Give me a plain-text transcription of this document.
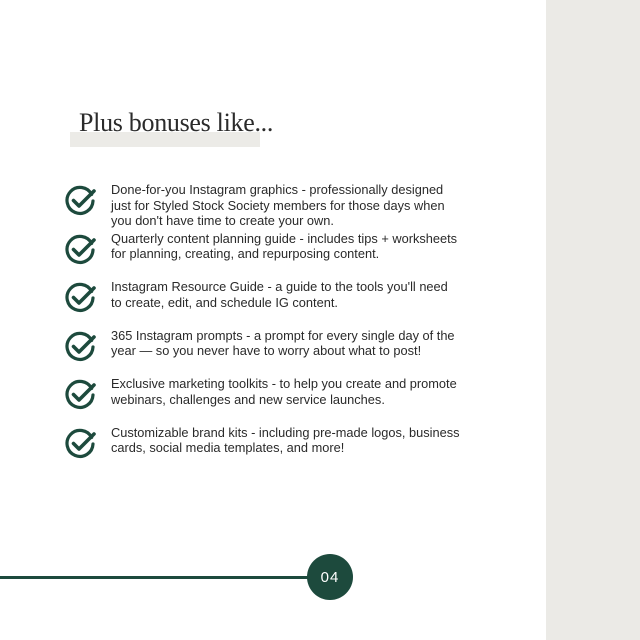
Plus bonuses like...
Done-for-you Instagram graphics - professionally designed
just for Styled Stock Society members for those days when
you don't have time to create your own.
Quarterly content planning guide - includes tips + worksheets
for planning, creating, and repurposing content.
Instagram Resource Guide - a guide to the tools you'll need
to create, edit, and schedule IG content.
365 Instagram prompts - a prompt for every single day of the
year — so you never have to worry about what to post!
Exclusive marketing toolkits - to help you create and promote
webinars, challenges and new service launches.
Customizable brand kits - including pre-made logos, business
cards, social media templates, and more!
04
